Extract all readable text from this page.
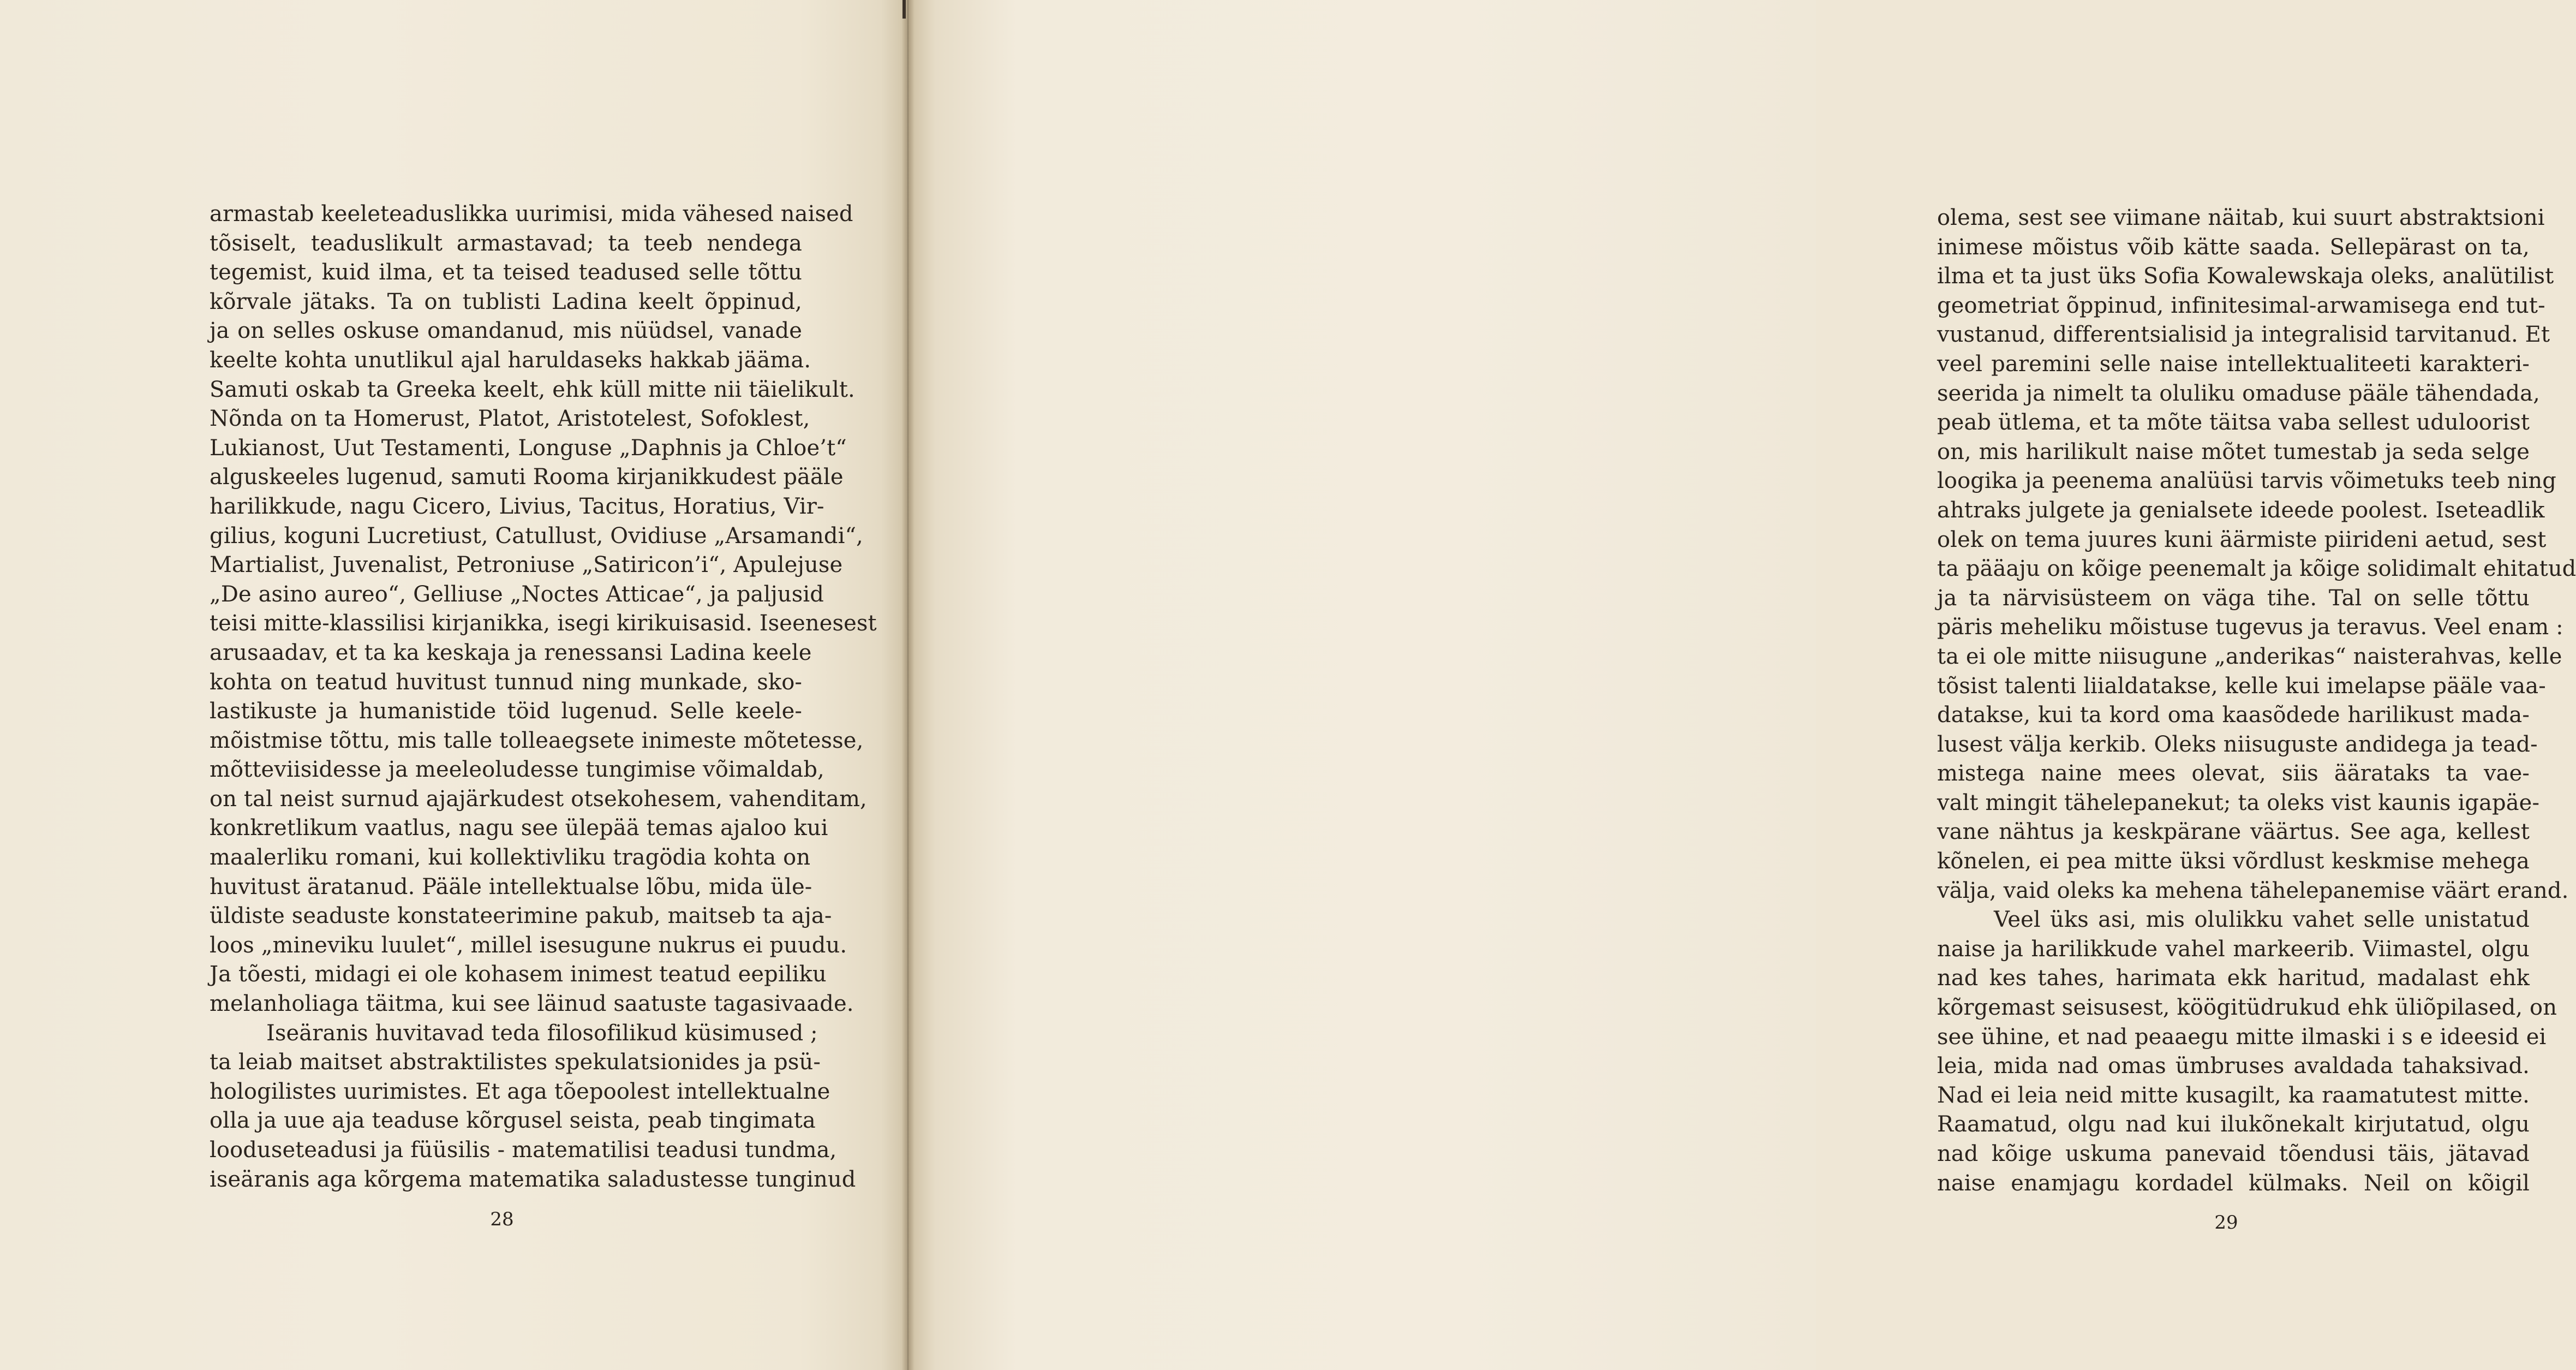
armastab keeleteaduslikka uurimisi, mida vähesed naised
tõsiselt, teaduslikult armastavad; ta teeb nendega
tegemist, kuid ilma, et ta teised teadused selle tõttu
kõrvale jätaks. Ta on tublisti Ladina keelt õppinud,
ja on selles oskuse omandanud, mis nüüdsel, vanade
keelte kohta unutlikul ajal haruldaseks hakkab jääma.
Samuti oskab ta Greeka keelt, ehk küll mitte nii täielikult.
Nõnda on ta Homerust, Platot, Aristotelest, Sofoklest,
Lukianost, Uut Testamenti, Longuse „Daphnis ja Chloe’t“
alguskeeles lugenud, samuti Rooma kirjanikkudest pääle
harilikkude, nagu Cicero, Livius, Tacitus, Horatius, Vir-
gilius, koguni Lucretiust, Catullust, Ovidiuse „Arsamandi“,
Martialist, Juvenalist, Petroniuse „Satiricon’i“, Apulejuse
„De asino aureo“, Gelliuse „Noctes Atticae“, ja paljusid
teisi mitte-klassilisi kirjanikka, isegi kirikuisasid. Iseenesest
arusaadav, et ta ka keskaja ja renessansi Ladina keele
kohta on teatud huvitust tunnud ning munkade, sko-
lastikuste ja humanistide töid lugenud. Selle keele-
mõistmise tõttu, mis talle tolleaegsete inimeste mõtetesse,
mõtteviisidesse ja meeleoludesse tungimise võimaldab,
on tal neist surnud ajajärkudest otsekohesem, vahenditam,
konkretlikum vaatlus, nagu see ülepää temas ajaloo kui
maalerliku romani, kui kollektivliku tragödia kohta on
huvitust äratanud. Pääle intellektualse lõbu, mida üle-
üldiste seaduste konstateerimine pakub, maitseb ta aja-
loos „mineviku luulet“, millel isesugune nukrus ei puudu.
Ja tõesti, midagi ei ole kohasem inimest teatud eepiliku
melanholiaga täitma, kui see läinud saatuste tagasivaade.
Iseäranis huvitavad teda filosofilikud küsimused ;
ta leiab maitset abstraktilistes spekulatsionides ja psü-
hologilistes uurimistes. Et aga tõepoolest intellektualne
olla ja uue aja teaduse kõrgusel seista, peab tingimata
looduseteadusi ja füüsilis - matematilisi teadusi tundma,
iseäranis aga kõrgema matematika saladustesse tunginud
28
olema, sest see viimane näitab, kui suurt abstraktsioni
inimese mõistus võib kätte saada. Sellepärast on ta,
ilma et ta just üks Sofia Kowalewskaja oleks, analütilist
geometriat õppinud, infinitesimal-arwamisega end tut-
vustanud, differentsialisid ja integralisid tarvitanud. Et
veel paremini selle naise intellektualiteeti karakteri-
seerida ja nimelt ta oluliku omaduse pääle tähendada,
peab ütlema, et ta mõte täitsa vaba sellest uduloorist
on, mis harilikult naise mõtet tumestab ja seda selge
loogika ja peenema analüüsi tarvis võimetuks teeb ning
ahtraks julgete ja genialsete ideede poolest. Iseteadlik
olek on tema juures kuni äärmiste piirideni aetud, sest
ta pääaju on kõige peenemalt ja kõige solidimalt ehitatud
ja ta närvisüsteem on väga tihe. Tal on selle tõttu
päris meheliku mõistuse tugevus ja teravus. Veel enam :
ta ei ole mitte niisugune „anderikas“ naisterahvas, kelle
tõsist talenti liialdatakse, kelle kui imelapse pääle vaa-
datakse, kui ta kord oma kaasõdede harilikust mada-
lusest välja kerkib. Oleks niisuguste andidega ja tead-
mistega naine mees olevat, siis äärataks ta vae-
valt mingit tähelepanekut; ta oleks vist kaunis igapäe-
vane nähtus ja keskpärane väärtus. See aga, kellest
kõnelen, ei pea mitte üksi võrdlust keskmise mehega
välja, vaid oleks ka mehena tähelepanemise väärt erand.
Veel üks asi, mis olulikku vahet selle unistatud
naise ja harilikkude vahel markeerib. Viimastel, olgu
nad kes tahes, harimata ekk haritud, madalast ehk
kõrgemast seisusest, köögitüdrukud ehk üliõpilased, on
see ühine, et nad peaaegu mitte ilmaski i s e ideesid ei
leia, mida nad omas ümbruses avaldada tahaksivad.
Nad ei leia neid mitte kusagilt, ka raamatutest mitte.
Raamatud, olgu nad kui ilukõnekalt kirjutatud, olgu
nad kõige uskuma panevaid tõendusi täis, jätavad
naise enamjagu kordadel külmaks. Neil on kõigil
29
